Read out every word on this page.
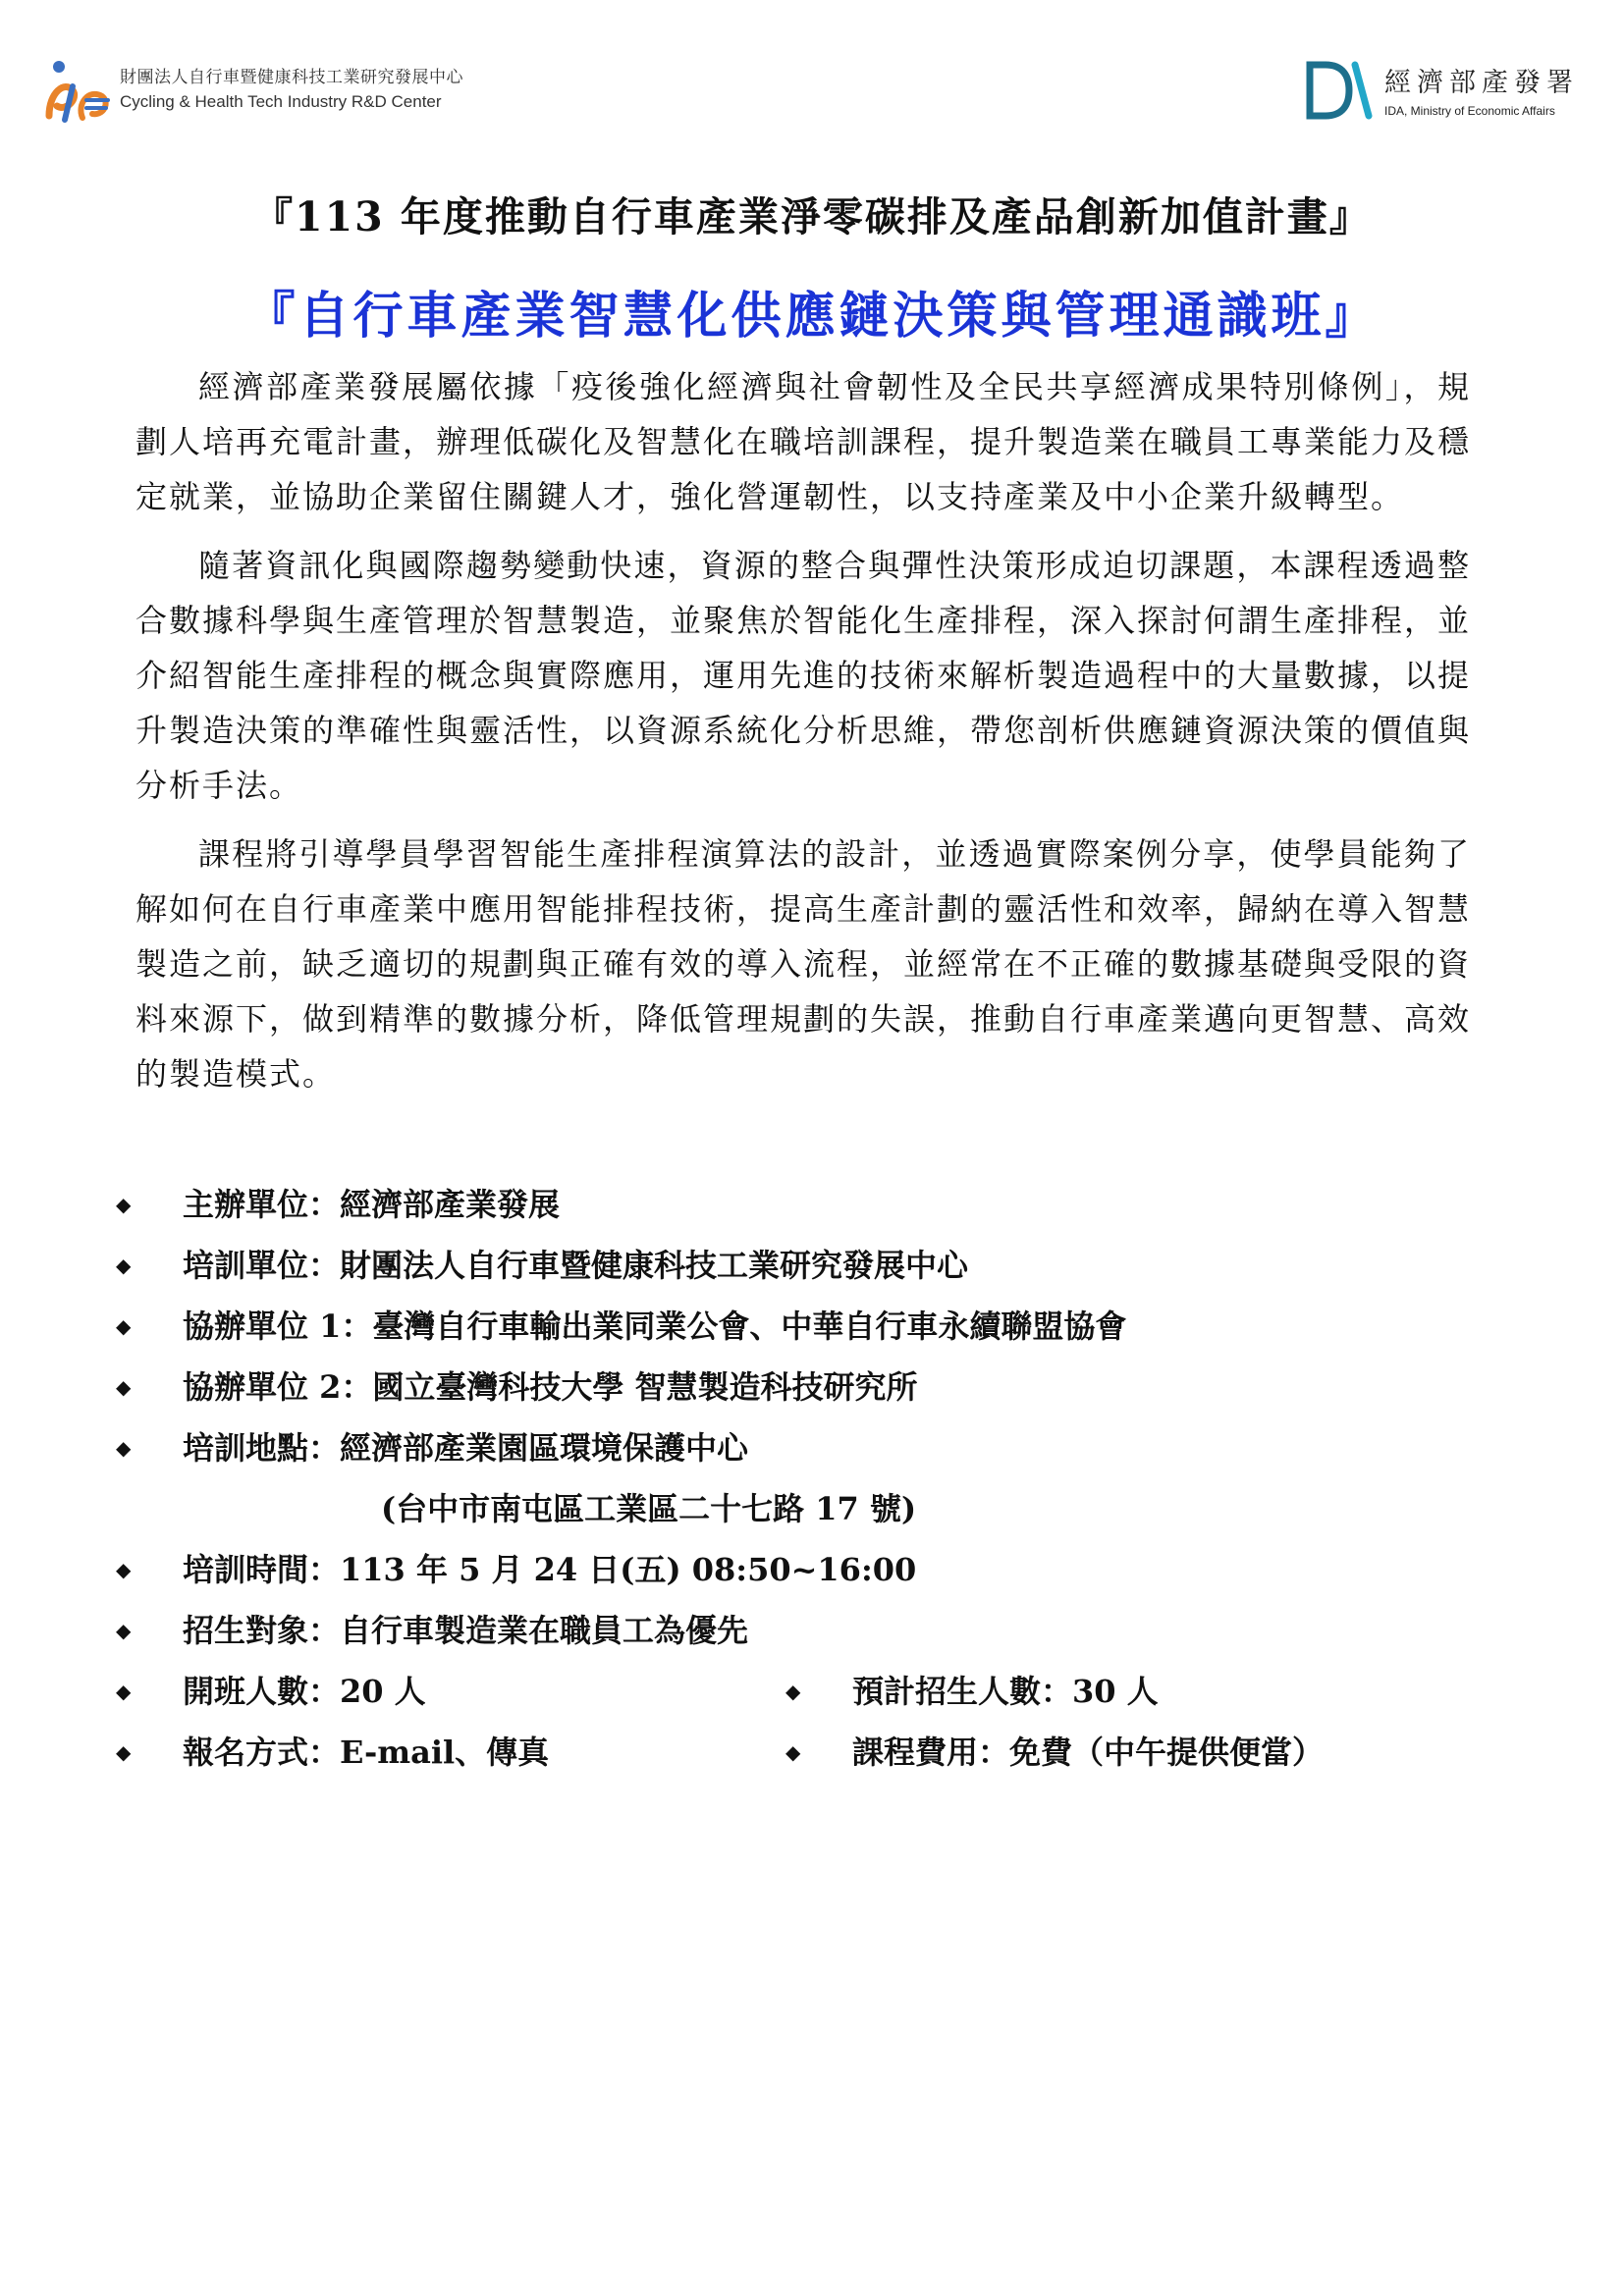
財團法人自行車暨健康科技工業研究發展中心
Cycling & Health Tech Industry R&D Center
經濟部產發署
IDA, Ministry of Economic Affairs
『113 年度推動自行車產業淨零碳排及產品創新加值計畫』
『自行車產業智慧化供應鏈決策與管理通識班』

經濟部產業發展屬依據「疫後強化經濟與社會韌性及全民共享經濟成果特別條例」，規劃人培再充電計畫，辦理低碳化及智慧化在職培訓課程，提升製造業在職員工專業能力及穩定就業，並協助企業留住關鍵人才，強化營運韌性，以支持產業及中小企業升級轉型。

隨著資訊化與國際趨勢變動快速，資源的整合與彈性決策形成迫切課題，本課程透過整合數據科學與生產管理於智慧製造，並聚焦於智能化生產排程，深入探討何謂生產排程，並介紹智能生產排程的概念與實際應用，運用先進的技術來解析製造過程中的大量數據，以提升製造決策的準確性與靈活性，以資源系統化分析思維，帶您剖析供應鏈資源決策的價值與分析手法。

課程將引導學員學習智能生產排程演算法的設計，並透過實際案例分享，使學員能夠了解如何在自行車產業中應用智能排程技術，提高生產計劃的靈活性和效率，歸納在導入智慧製造之前，缺乏適切的規劃與正確有效的導入流程，並經常在不正確的數據基礎與受限的資料來源下，做到精準的數據分析，降低管理規劃的失誤，推動自行車產業邁向更智慧、高效的製造模式。

◆ 主辦單位：經濟部產業發展
◆ 培訓單位：財團法人自行車暨健康科技工業研究發展中心
◆ 協辦單位 1：臺灣自行車輸出業同業公會、中華自行車永續聯盟協會
◆ 協辦單位 2：國立臺灣科技大學 智慧製造科技研究所
◆ 培訓地點：經濟部產業園區環境保護中心
(台中市南屯區工業區二十七路 17 號)
◆ 培訓時間：113 年 5 月 24 日(五) 08:50~16:00
◆ 招生對象：自行車製造業在職員工為優先
◆ 開班人數：20 人	◆ 預計招生人數：30 人
◆ 報名方式：E-mail、傳真	◆ 課程費用：免費（中午提供便當）
